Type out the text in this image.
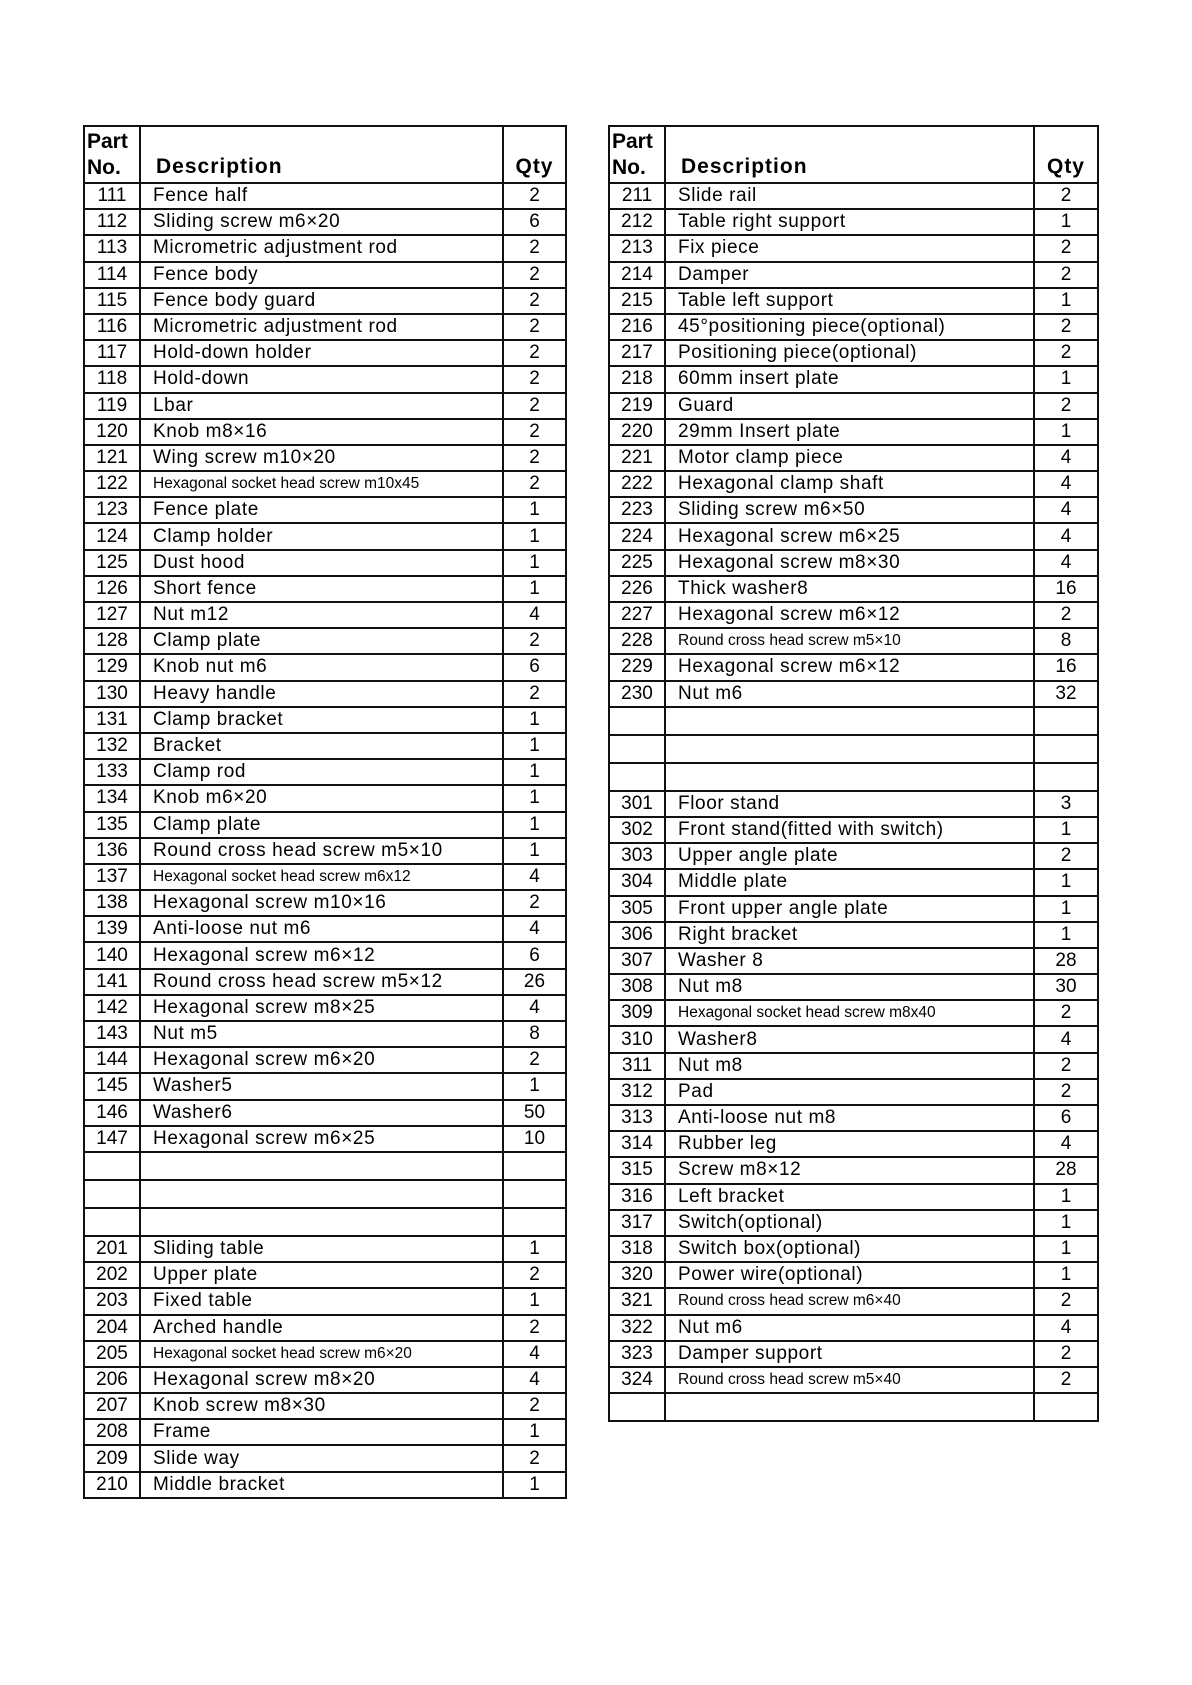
Part
No.	Description	Qty
111	Fence half	2
112	Sliding screw m6×20	6
113	Micrometric adjustment rod	2
114	Fence body	2
115	Fence body guard	2
116	Micrometric adjustment rod	2
117	Hold-down holder	2
118	Hold-down	2
119	Lbar	2
120	Knob m8×16	2
121	Wing screw m10×20	2
122	Hexagonal socket head screw m10x45	2
123	Fence plate	1
124	Clamp holder	1
125	Dust hood	1
126	Short fence	1
127	Nut m12	4
128	Clamp plate	2
129	Knob nut m6	6
130	Heavy handle	2
131	Clamp bracket	1
132	Bracket	1
133	Clamp rod	1
134	Knob m6×20	1
135	Clamp plate	1
136	Round cross head screw m5×10	1
137	Hexagonal socket head screw m6x12	4
138	Hexagonal screw m10×16	2
139	Anti-loose nut m6	4
140	Hexagonal screw m6×12	6
141	Round cross head screw m5×12	26
142	Hexagonal screw m8×25	4
143	Nut m5	8
144	Hexagonal screw m6×20	2
145	Washer5	1
146	Washer6	50
147	Hexagonal screw m6×25	10

201	Sliding table	1
202	Upper plate	2
203	Fixed table	1
204	Arched handle	2
205	Hexagonal socket head screw m6×20	4
206	Hexagonal screw m8×20	4
207	Knob screw m8×30	2
208	Frame	1
209	Slide way	2
210	Middle bracket	1
Part
No.	Description	Qty
211	Slide rail	2
212	Table right support	1
213	Fix piece	2
214	Damper	2
215	Table left support	1
216	45°positioning piece(optional)	2
217	Positioning piece(optional)	2
218	60mm insert plate	1
219	Guard	2
220	29mm Insert plate	1
221	Motor clamp piece	4
222	Hexagonal clamp shaft	4
223	Sliding screw m6×50	4
224	Hexagonal screw m6×25	4
225	Hexagonal screw m8×30	4
226	Thick washer8	16
227	Hexagonal screw m6×12	2
228	Round cross head screw m5×10	8
229	Hexagonal screw m6×12	16
230	Nut m6	32

301	Floor stand	3
302	Front stand(fitted with switch)	1
303	Upper angle plate	2
304	Middle plate	1
305	Front upper angle plate	1
306	Right bracket	1
307	Washer 8	28
308	Nut m8	30
309	Hexagonal socket head screw m8x40	2
310	Washer8	4
311	Nut m8	2
312	Pad	2
313	Anti-loose nut m8	6
314	Rubber leg	4
315	Screw m8×12	28
316	Left bracket	1
317	Switch(optional)	1
318	Switch box(optional)	1
320	Power wire(optional)	1
321	Round cross head screw m6×40	2
322	Nut m6	4
323	Damper support	2
324	Round cross head screw m5×40	2
